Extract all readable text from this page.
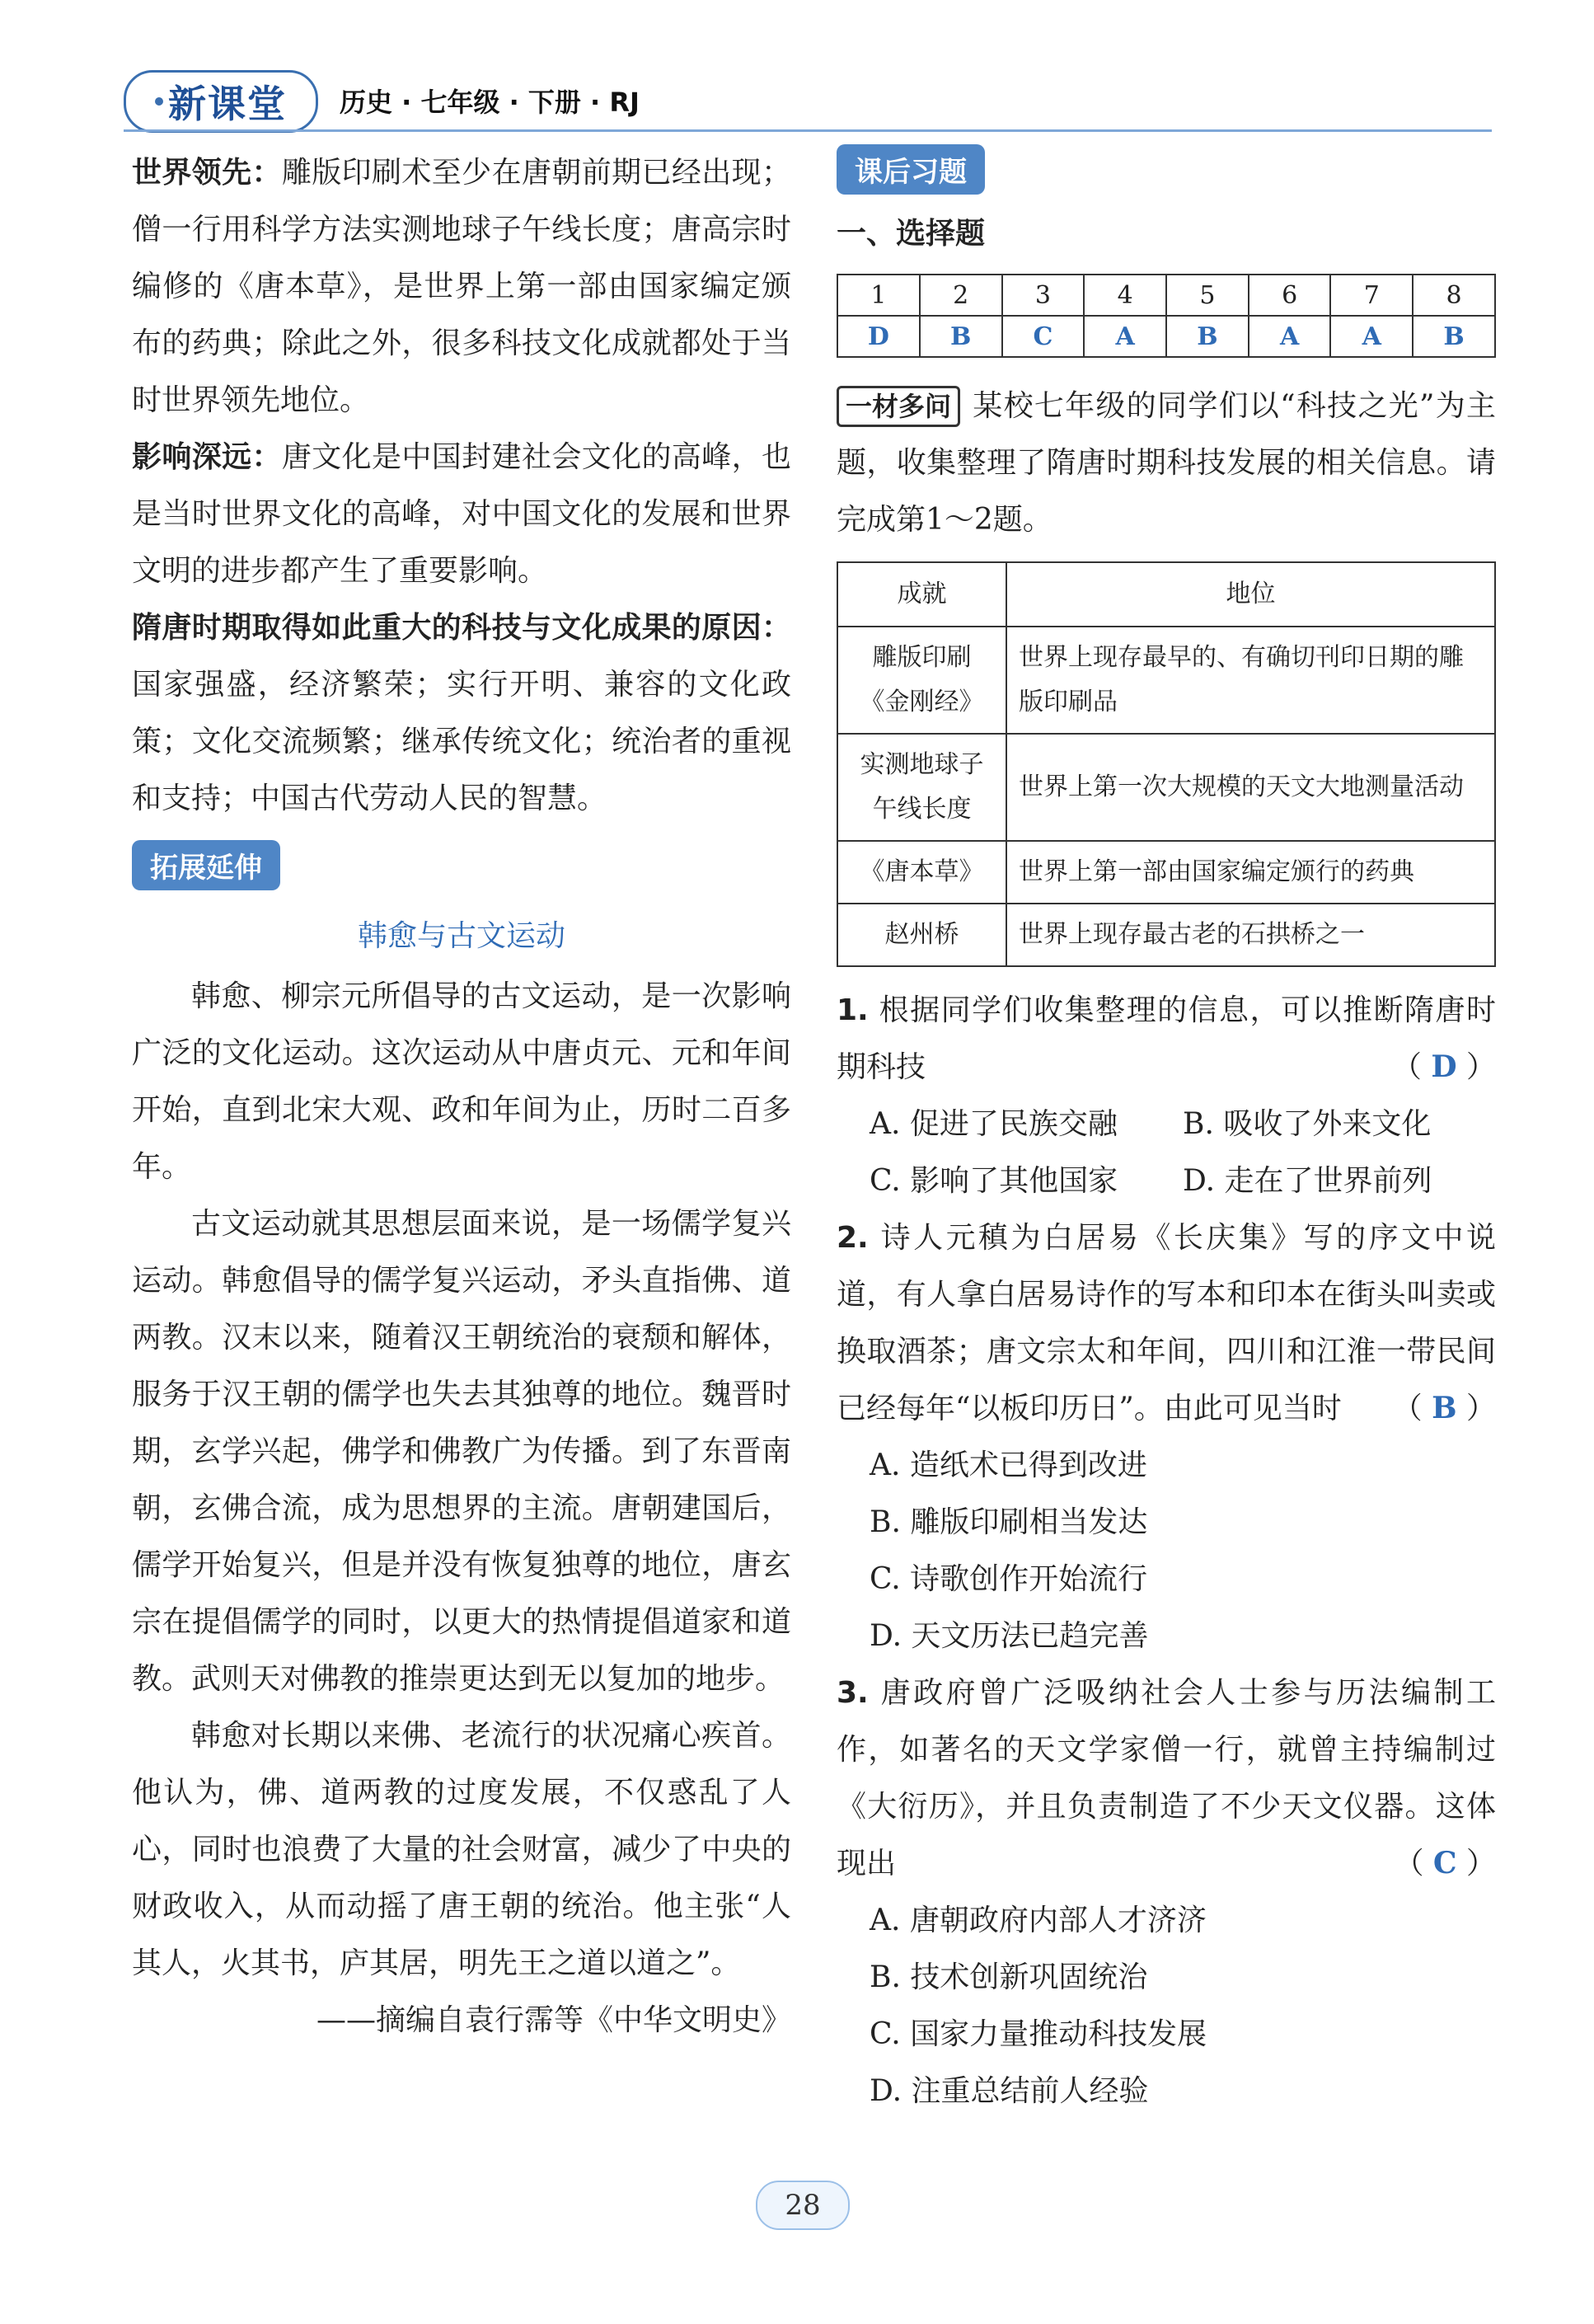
新课堂 历史 · 七年级 · 下册 · RJ

世界领先：雕版印刷术至少在唐朝前期已经出现；僧一行用科学方法实测地球子午线长度；唐高宗时编修的《唐本草》，是世界上第一部由国家编定颁布的药典；除此之外，很多科技文化成就都处于当时世界领先地位。

影响深远：唐文化是中国封建社会文化的高峰，也是当时世界文化的高峰，对中国文化的发展和世界文明的进步都产生了重要影响。

隋唐时期取得如此重大的科技与文化成果的原因：国家强盛，经济繁荣；实行开明、兼容的文化政策；文化交流频繁；继承传统文化；统治者的重视和支持；中国古代劳动人民的智慧。

拓展延伸
韩愈与古文运动

韩愈、柳宗元所倡导的古文运动，是一次影响广泛的文化运动。这次运动从中唐贞元、元和年间开始，直到北宋大观、政和年间为止，历时二百多年。

古文运动就其思想层面来说，是一场儒学复兴运动。韩愈倡导的儒学复兴运动，矛头直指佛、道两教。汉末以来，随着汉王朝统治的衰颓和解体，服务于汉王朝的儒学也失去其独尊的地位。魏晋时期，玄学兴起，佛学和佛教广为传播。到了东晋南朝，玄佛合流，成为思想界的主流。唐朝建国后，儒学开始复兴，但是并没有恢复独尊的地位，唐玄宗在提倡儒学的同时，以更大的热情提倡道家和道教。武则天对佛教的推崇更达到无以复加的地步。

韩愈对长期以来佛、老流行的状况痛心疾首。他认为，佛、道两教的过度发展，不仅惑乱了人心，同时也浪费了大量的社会财富，减少了中央的财政收入，从而动摇了唐王朝的统治。他主张“人其人，火其书，庐其居，明先王之道以道之”。

——摘编自袁行霈等《中华文明史》
课后习题
一、选择题
1	2	3	4	5	6	7	8
D	B	C	A	B	A	A	B

一材多问 某校七年级的同学们以“科技之光”为主题，收集整理了隋唐时期科技发展的相关信息。请完成第1～2题。

成就	地位
雕版印刷《金刚经》	世界上现存最早的、有确切刊印日期的雕版印刷品
实测地球子午线长度	世界上第一次大规模的天文大地测量活动
《唐本草》	世界上第一部由国家编定颁行的药典
赵州桥	世界上现存最古老的石拱桥之一
1. 根据同学们收集整理的信息，可以推断隋唐时期科技	（ D ）
A. 促进了民族交融	B. 吸收了外来文化
C. 影响了其他国家	D. 走在了世界前列
2. 诗人元稹为白居易《长庆集》写的序文中说道，有人拿白居易诗作的写本和印本在街头叫卖或换取酒茶；唐文宗太和年间，四川和江淮一带民间已经每年“以板印历日”。由此可见当时 （ B ）
A. 造纸术已得到改进
B. 雕版印刷相当发达
C. 诗歌创作开始流行
D. 天文历法已趋完善
3. 唐政府曾广泛吸纳社会人士参与历法编制工作，如著名的天文学家僧一行，就曾主持编制过《大衍历》，并且负责制造了不少天文仪器。这体现出	（ C ）
A. 唐朝政府内部人才济济
B. 技术创新巩固统治
C. 国家力量推动科技发展
D. 注重总结前人经验
28
